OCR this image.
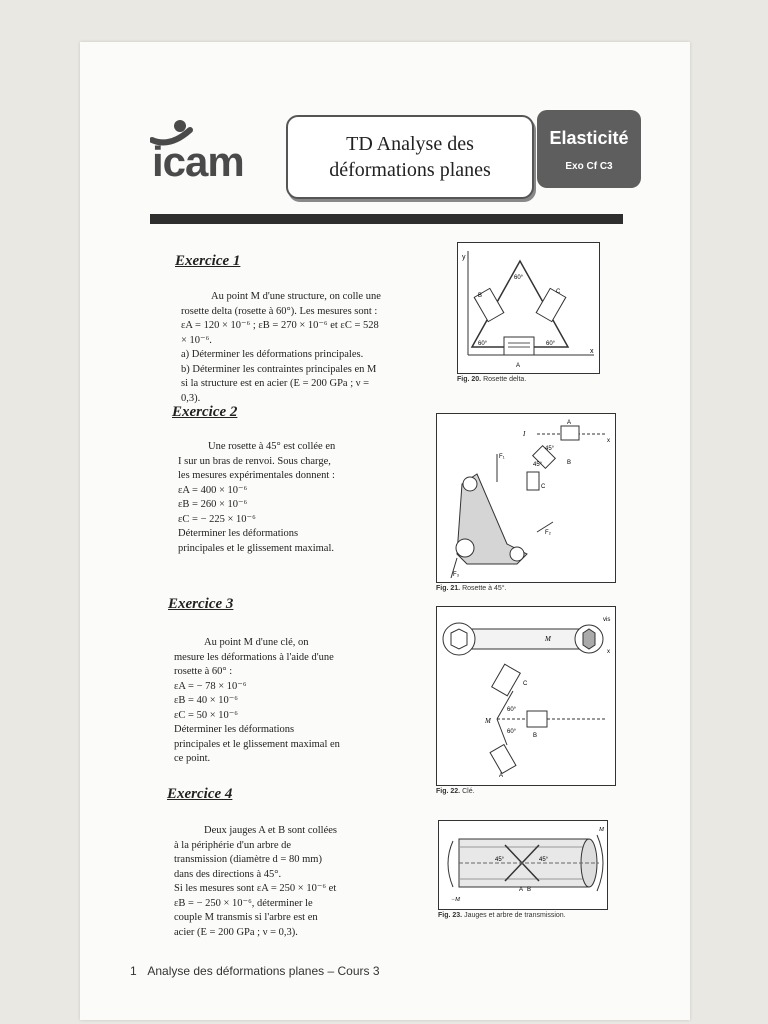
icam	TD Analyse des
déformations planes
Elasticité
Exo Cf C3
Exercice 1

Au point M d'une structure, on colle une rosette delta (rosette à 60°). Les mesures sont :

εA = 120 × 10⁻⁶ ; εB = 270 × 10⁻⁶ et εC = 528 × 10⁻⁶.

a) Déterminer les déformations principales.

b) Déterminer les contraintes principales en M si la structure est en acier (E = 200 GPa ; ν = 0,3).

y
x
60°
60°	60°
A
B
C
Fig. 20. Rosette delta.
Exercice 2

Une rosette à 45° est collée en I sur un bras de renvoi. Sous charge, les mesures expérimentales donnent :

εA = 400 × 10⁻⁶

εB = 260 × 10⁻⁶

εC = − 225 × 10⁻⁶

Déterminer les déformations principales et le glissement maximal.

I
45°
45°
A
B
C
x
F₁
F₂
F₃
Fig. 21. Rosette à 45°.
Exercice 3

Au point M d'une clé, on mesure les déformations à l'aide d'une rosette à 60° :

εA = − 78 × 10⁻⁶

εB = 40 × 10⁻⁶

εC = 50 × 10⁻⁶

Déterminer les déformations principales et le glissement maximal en ce point.

M
vis
x
60°
60°
A
B
C
M
Fig. 22. Clé.
Exercice 4

Deux jauges A et B sont collées à la périphérie d'un arbre de transmission (diamètre d = 80 mm) dans des directions à 45°.

Si les mesures sont εA = 250 × 10⁻⁶ et εB = − 250 × 10⁻⁶, déterminer le couple M transmis si l'arbre est en acier (E = 200 GPa ; ν = 0,3).

M
−M
45°	45°
A B
Fig. 23. Jauges et arbre de transmission.
1 Analyse des déformations planes – Cours 3
